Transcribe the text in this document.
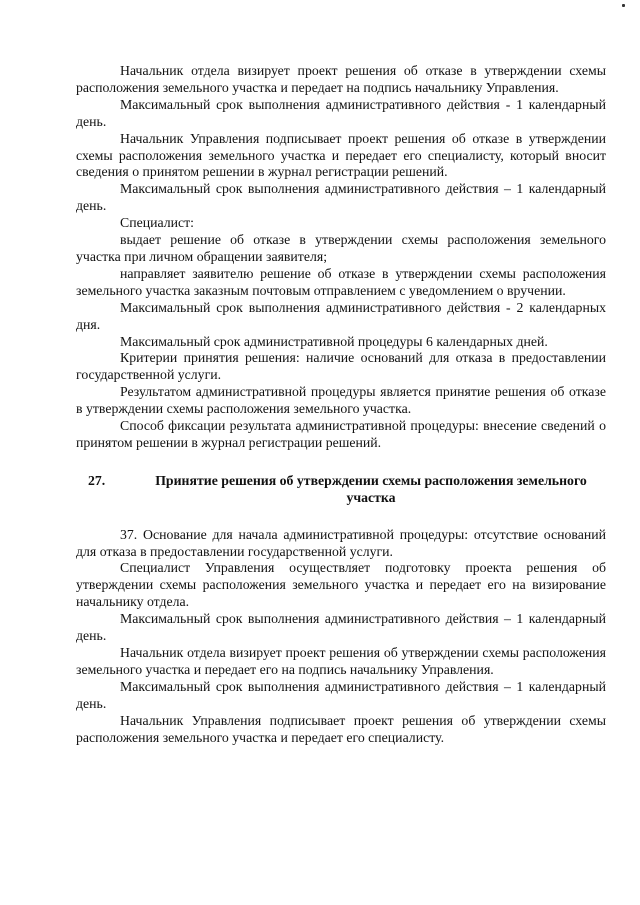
Начальник отдела визирует проект решения об отказе в утверждении схемы расположения земельного участка и передает на подпись начальнику Управления.

Максимальный срок выполнения административного действия - 1 календарный день.

Начальник Управления подписывает проект решения об отказе в утверждении схемы расположения земельного участка и передает его специалисту, который вносит сведения о принятом решении в журнал регистрации решений.

Максимальный срок выполнения административного действия – 1 календарный день.

Специалист:

выдает решение об отказе в утверждении схемы расположения земельного участка при личном обращении заявителя;

направляет заявителю решение об отказе в утверждении схемы расположения земельного участка заказным почтовым отправлением с уведомлением о вручении.

Максимальный срок выполнения административного действия - 2 календарных дня.

Максимальный срок административной процедуры 6 календарных дней.

Критерии принятия решения: наличие оснований для отказа в предоставлении государственной услуги.

Результатом административной процедуры является принятие решения об отказе в утверждении схемы расположения земельного участка.

Способ фиксации результата административной процедуры: внесение сведений о принятом решении в журнал регистрации решений.

27.	Принятие решения об утверждении схемы расположения земельного участка

37. Основание для начала административной процедуры: отсутствие оснований для отказа в предоставлении государственной услуги.

Специалист Управления осуществляет подготовку проекта решения об утверждении схемы расположения земельного участка и передает его на визирование начальнику отдела.

Максимальный срок выполнения административного действия – 1 календарный день.

Начальник отдела визирует проект решения об утверждении схемы расположения земельного участка и передает его на подпись начальнику Управления.

Максимальный срок выполнения административного действия – 1 календарный день.

Начальник Управления подписывает проект решения об утверждении схемы расположения земельного участка и передает его специалисту.
